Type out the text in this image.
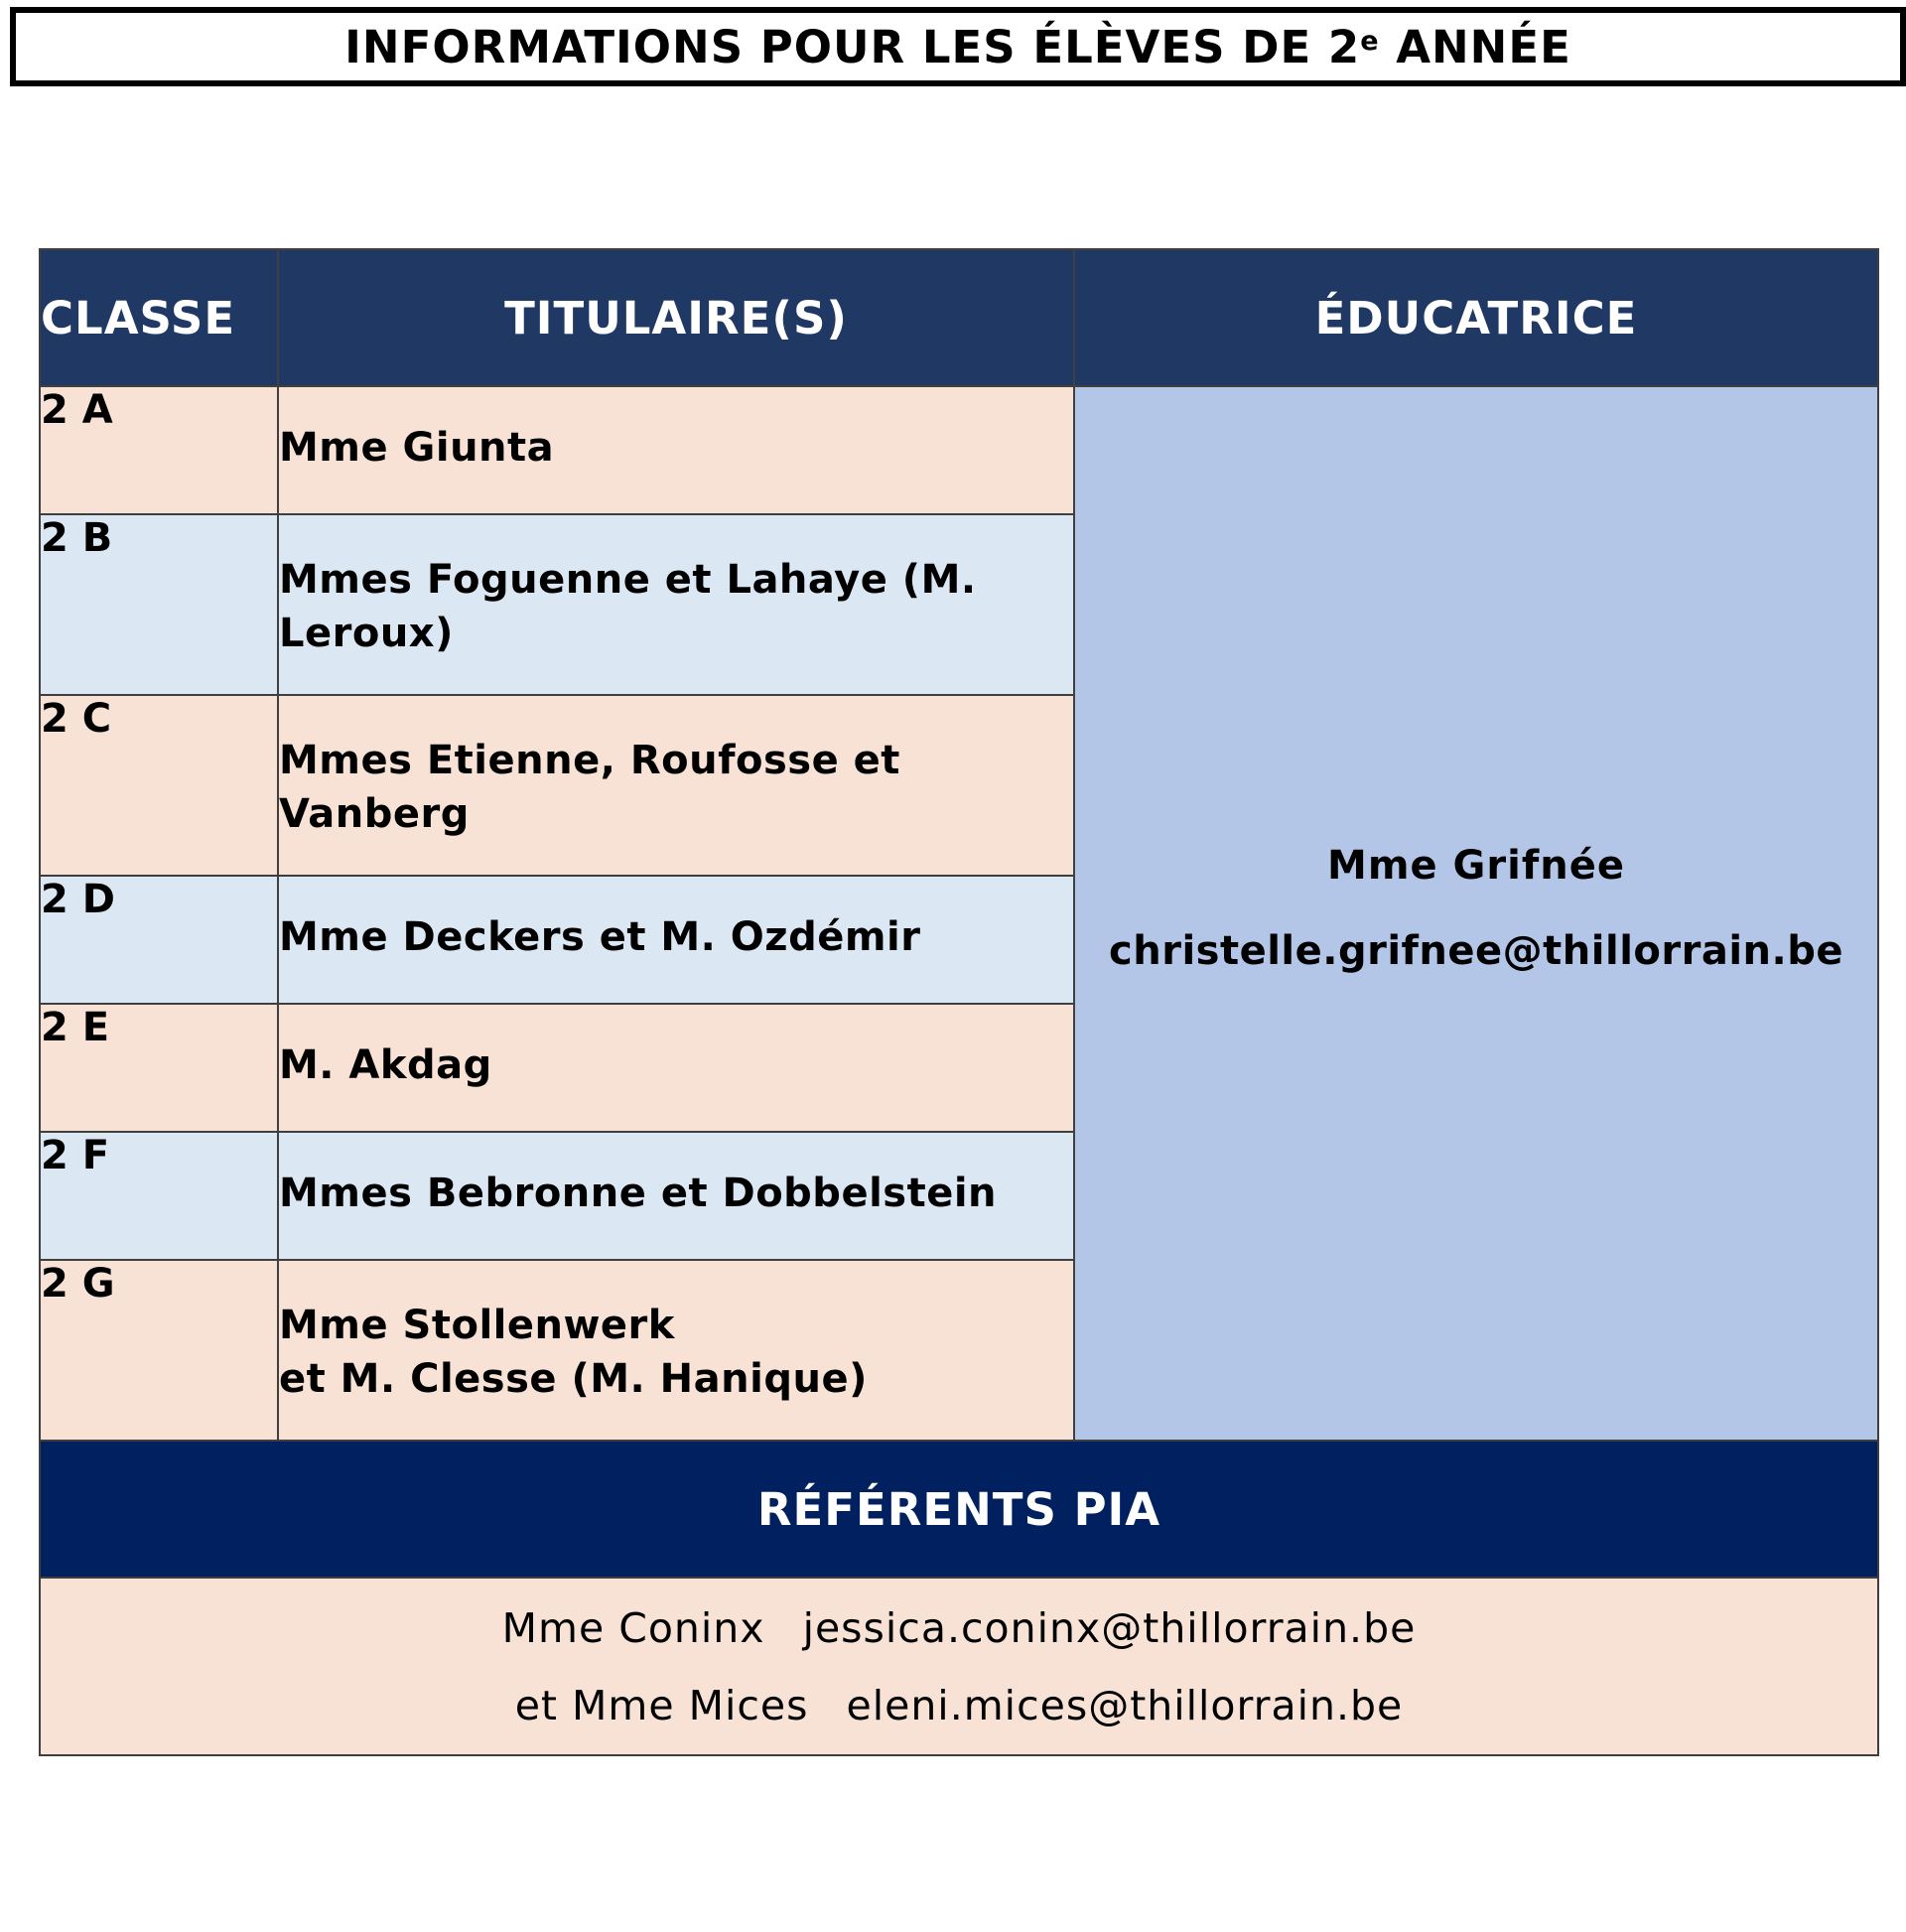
INFORMATIONS POUR LES ÉLÈVES DE 2e ANNÉE
CLASSE	TITULAIRE(S)	ÉDUCATRICE
2 A	Mme Giunta	Mme Grifnée
christelle.grifnee@thillorrain.be

2 B	Mmes Foguenne et Lahaye (M.
Leroux)	

2 C	Mmes Etienne, Roufosse et
Vanberg	

2 D	Mme Deckers et M. Ozdémir	

2 E	M. Akdag	

2 F	Mmes Bebronne et Dobbelstein	

2 G	Mme Stollenwerk
et M. Clesse (M. Hanique)	

RÉFÉRENTS PIA		

Mme Coninx jessica.coninx@thillorrain.be
et Mme Mices eleni.mices@thillorrain.be		
